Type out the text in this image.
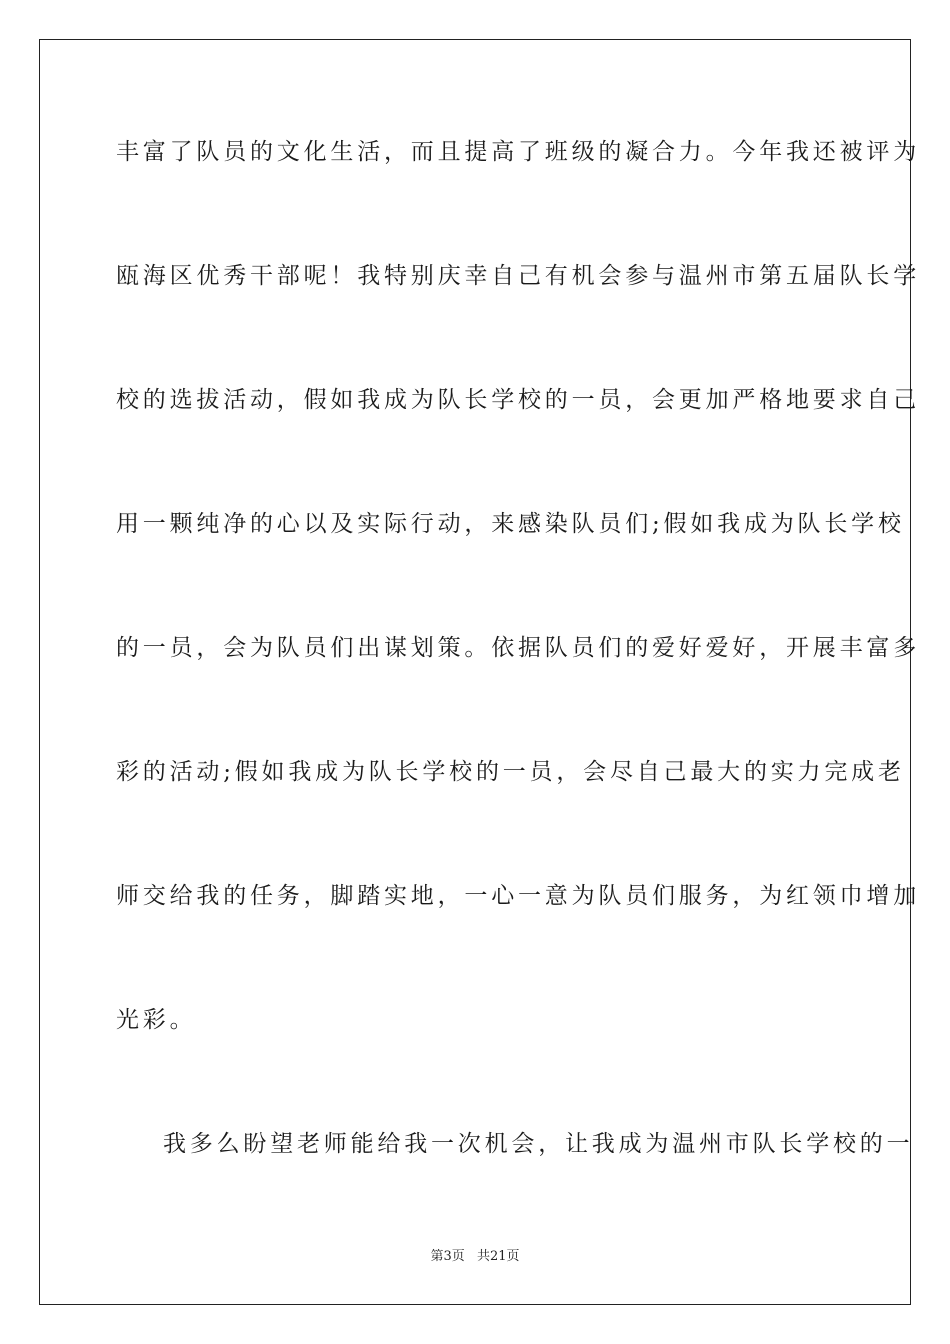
丰富了队员的文化生活，而且提高了班级的凝合力。今年我还被评为
瓯海区优秀干部呢！我特别庆幸自己有机会参与温州市第五届队长学
校的选拔活动，假如我成为队长学校的一员，会更加严格地要求自己
用一颗纯净的心以及实际行动，来感染队员们;假如我成为队长学校
的一员，会为队员们出谋划策。依据队员们的爱好爱好，开展丰富多
彩的活动;假如我成为队长学校的一员，会尽自己最大的实力完成老
师交给我的任务，脚踏实地，一心一意为队员们服务，为红领巾增加
光彩。
我多么盼望老师能给我一次机会，让我成为温州市队长学校的一
第3页 共21页
